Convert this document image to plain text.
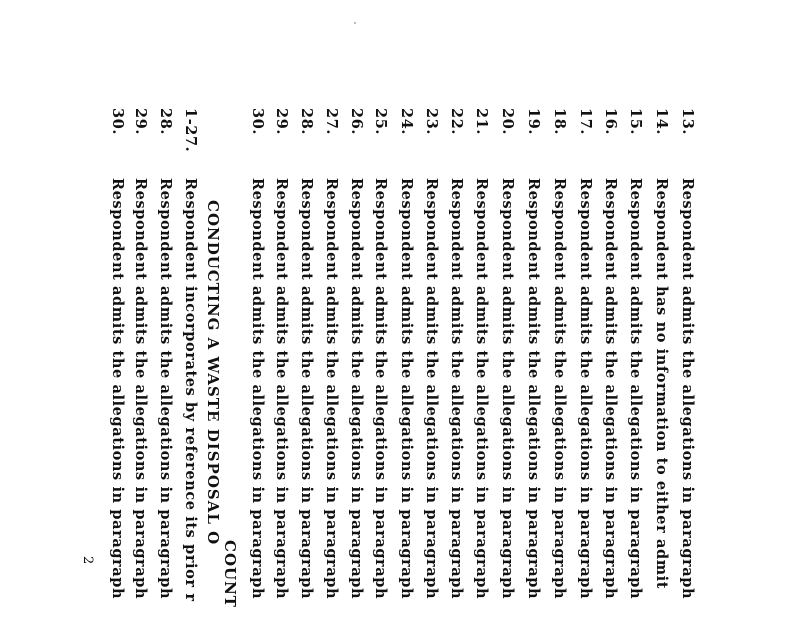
13.
Respondent admits the allegations in paragraph
14.
Respondent has no information to either admit
15.
Respondent admits the allegations in paragraph
16.
Respondent admits the allegations in paragraph
17.
Respondent admits the allegations in paragraph
18.
Respondent admits the allegations in paragraph
19.
Respondent admits the allegations in paragraph
20.
Respondent admits the allegations in paragraph
21.
Respondent admits the allegations in paragraph
22.
Respondent admits the allegations in paragraph
23.
Respondent admits the allegations in paragraph
24.
Respondent admits the allegations in paragraph
25.
Respondent admits the allegations in paragraph
26.
Respondent admits the allegations in paragraph
27.
Respondent admits the allegations in paragraph
28.
Respondent admits the allegations in paragraph
29.
Respondent admits the allegations in paragraph
30.
Respondent admits the allegations in paragraph
COUNT
CONDUCTING A WASTE DISPOSAL O
1-27.
Respondent incorporates by reference its prior r
28.
Respondent admits the allegations in paragraph
29.
Respondent admits the allegations in paragraph
30.
Respondent admits the allegations in paragraph
2
